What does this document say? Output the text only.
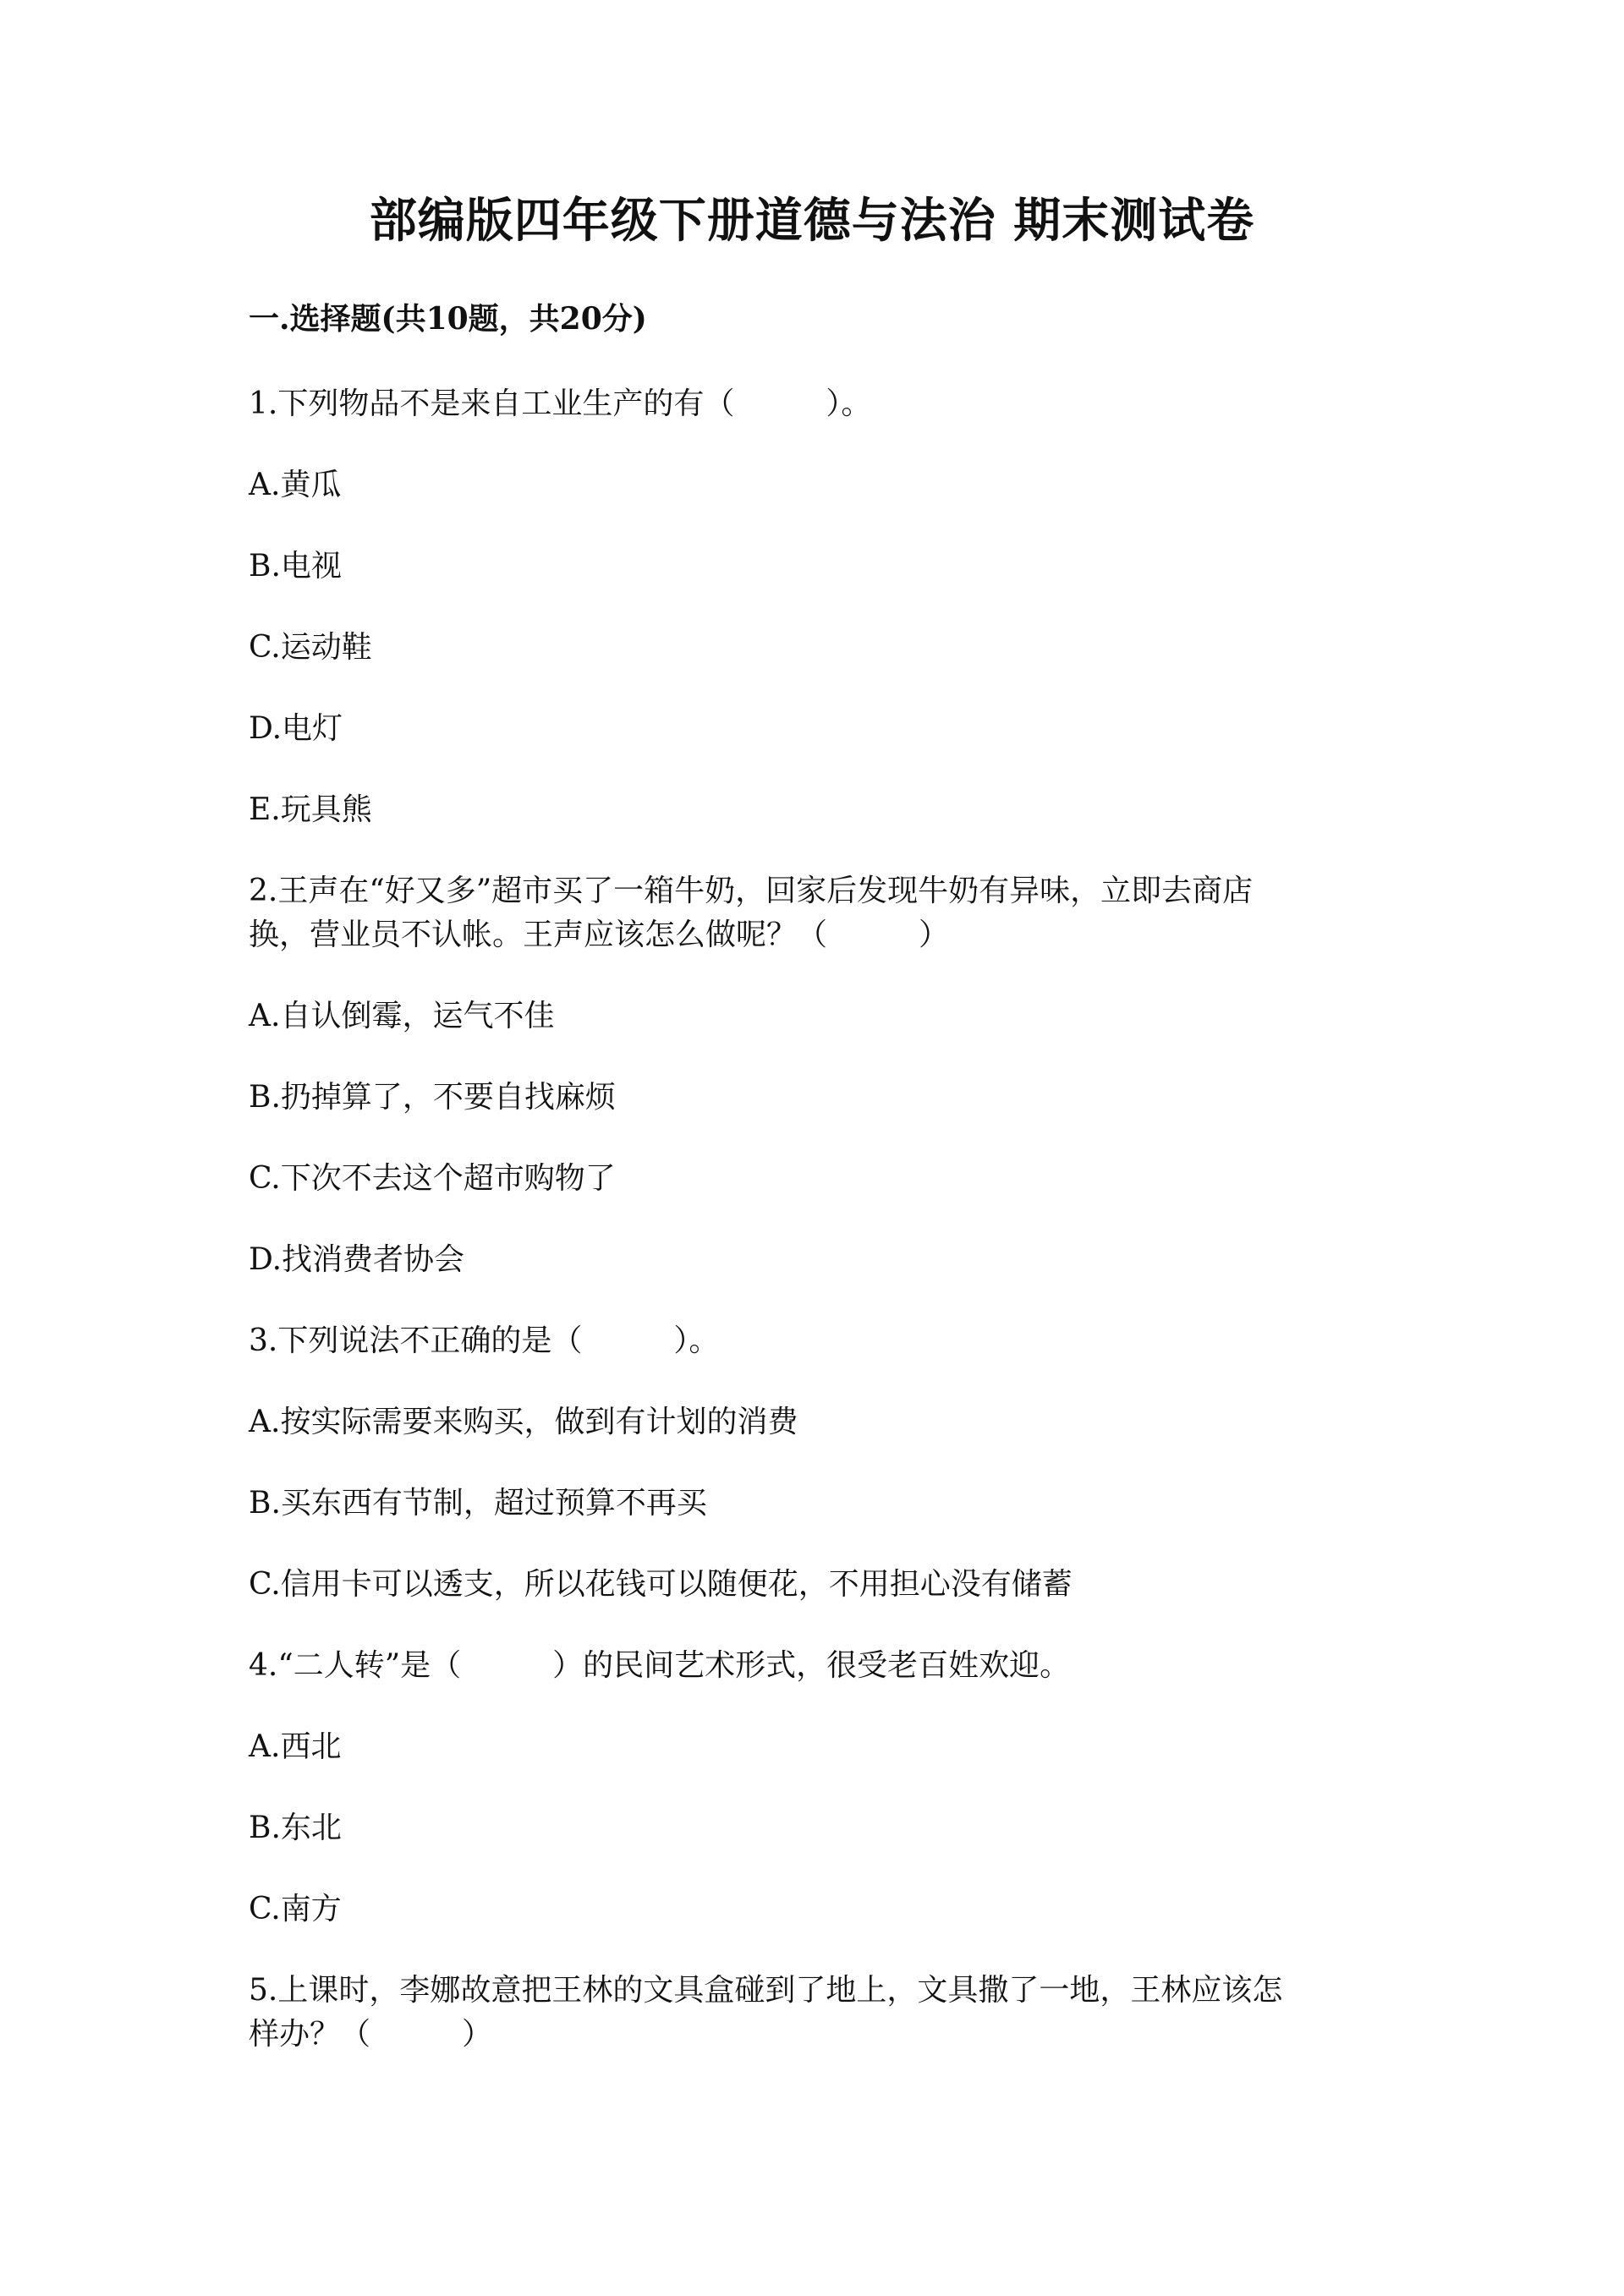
部编版四年级下册道德与法治 期末测试卷
一.选择题(共10题，共20分)
1.下列物品不是来自工业生产的有（　　　）。
A.黄瓜
B.电视
C.运动鞋
D.电灯
E.玩具熊
2.王声在“好又多”超市买了一箱牛奶，回家后发现牛奶有异味，立即去商店
换，营业员不认帐。王声应该怎么做呢？（　　　）
A.自认倒霉，运气不佳
B.扔掉算了，不要自找麻烦
C.下次不去这个超市购物了
D.找消费者协会
3.下列说法不正确的是（　　　）。
A.按实际需要来购买，做到有计划的消费
B.买东西有节制，超过预算不再买
C.信用卡可以透支，所以花钱可以随便花，不用担心没有储蓄
4.“二人转”是（　　　）的民间艺术形式，很受老百姓欢迎。
A.西北
B.东北
C.南方
5.上课时，李娜故意把王林的文具盒碰到了地上，文具撒了一地，王林应该怎
样办？（　　　）
